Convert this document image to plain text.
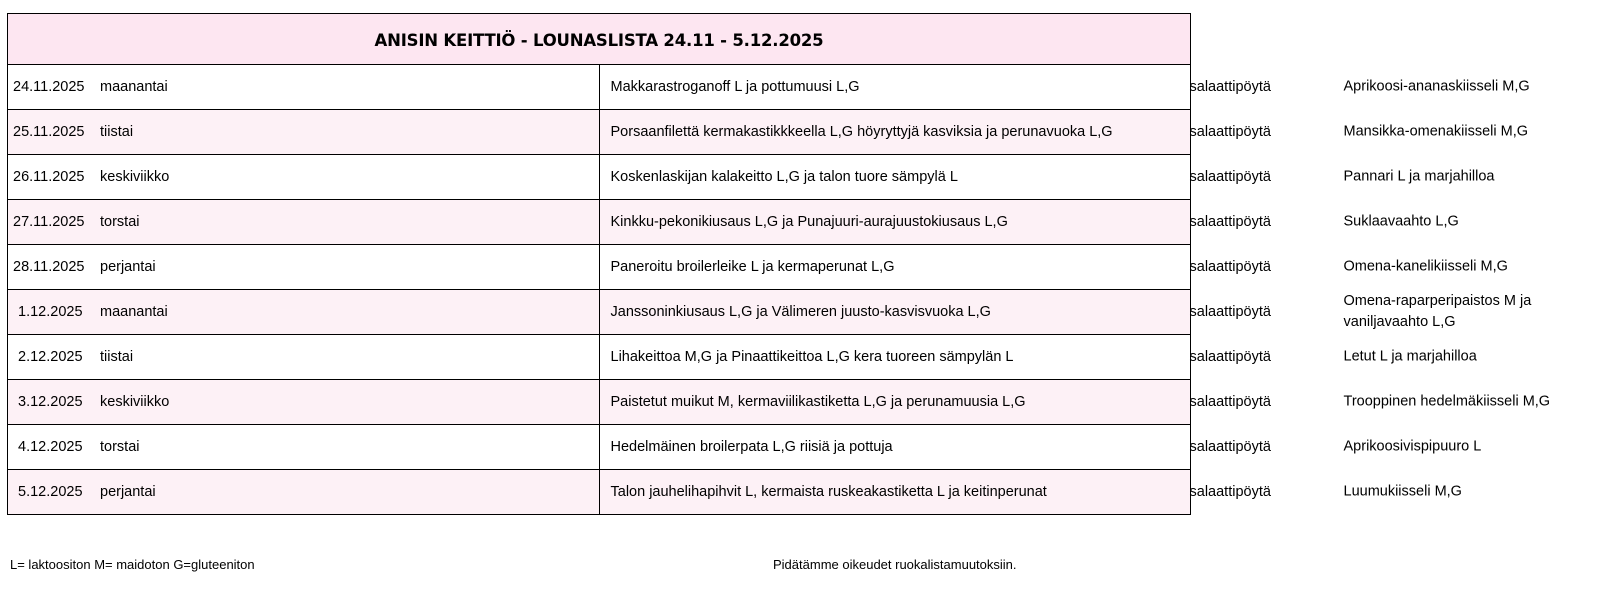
ANISIN KEITTIÖ - LOUNASLISTA 24.11 - 5.12.2025	

24.11.2025 maanantai	Makkarastroganoff L ja pottumuusi L,G salaattipöytä Aprikoosi-ananaskiisseli M,G

25.11.2025 tiistai	Porsaanfilettä kermakastikkkeella L,G höyryttyjä kasviksia ja perunavuoka L,G salaattipöytä Mansikka-omenakiisseli M,G

26.11.2025 keskiviikko	Koskenlaskijan kalakeitto L,G ja talon tuore sämpylä L salaattipöytä Pannari L ja marjahilloa

27.11.2025 torstai	Kinkku-pekonikiusaus L,G ja Punajuuri-aurajuustokiusaus L,G salaattipöytä Suklaavaahto L,G

28.11.2025 perjantai	Paneroitu broilerleike L ja kermaperunat L,G salaattipöytä Omena-kanelikiisseli M,G

1.12.2025 maanantai	Janssoninkiusaus L,G ja Välimeren juusto-kasvisvuoka L,G salaattipöytä
Omena-raparperipaistos M ja vaniljavaahto L,G

2.12.2025 tiistai	Lihakeittoa M,G ja Pinaattikeittoa L,G kera tuoreen sämpylän L salaattipöytä Letut L ja marjahilloa

3.12.2025 keskiviikko	Paistetut muikut M, kermaviilikastiketta L,G ja perunamuusia L,G salaattipöytä Trooppinen hedelmäkiisseli M,G

4.12.2025 torstai	Hedelmäinen broilerpata L,G riisiä ja pottuja salaattipöytä Aprikoosivispipuuro L

5.12.2025 perjantai	Talon jauhelihapihvit L, kermaista ruskeakastiketta L ja keitinperunat salaattipöytä Luumukiisseli M,G
L= laktoositon M= maidoton G=gluteeniton	Pidätämme oikeudet ruokalistamuutoksiin.
